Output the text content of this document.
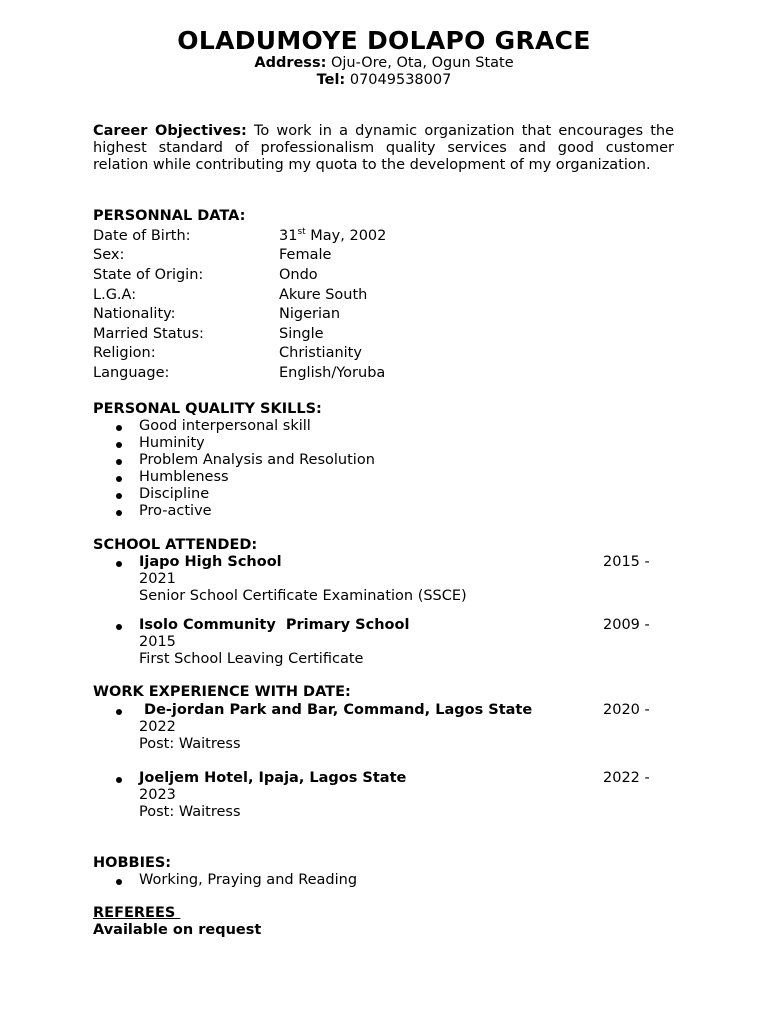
OLADUMOYE DOLAPO GRACE
Address: Oju-Ore, Ota, Ogun State
Tel: 07049538007
Career Objectives: To work in a dynamic organization that encourages the highest standard of professionalism quality services and good customer relation while contributing my quota to the development of my organization.
PERSONNAL DATA:
Date of Birth:	31st May, 2002
Sex:	Female
State of Origin:	Ondo
L.G.A:	Akure South
Nationality:	Nigerian
Married Status:	Single
Religion:	Christianity
Language:	English/Yoruba
PERSONAL QUALITY SKILLS:
Good interpersonal skill
Huminity
Problem Analysis and Resolution
Humbleness
Discipline
Pro-active
SCHOOL ATTENDED:
Ijapo High School	2015 -
2021
Senior School Certificate Examination (SSCE)
Isolo Community  Primary School	2009 -
2015
First School Leaving Certificate
WORK EXPERIENCE WITH DATE:
De-jordan Park and Bar, Command, Lagos State	2020 -
2022
Post: Waitress
Joeljem Hotel, Ipaja, Lagos State	2022 -
2023
Post: Waitress
HOBBIES:
Working, Praying and Reading
REFEREES
Available on request
